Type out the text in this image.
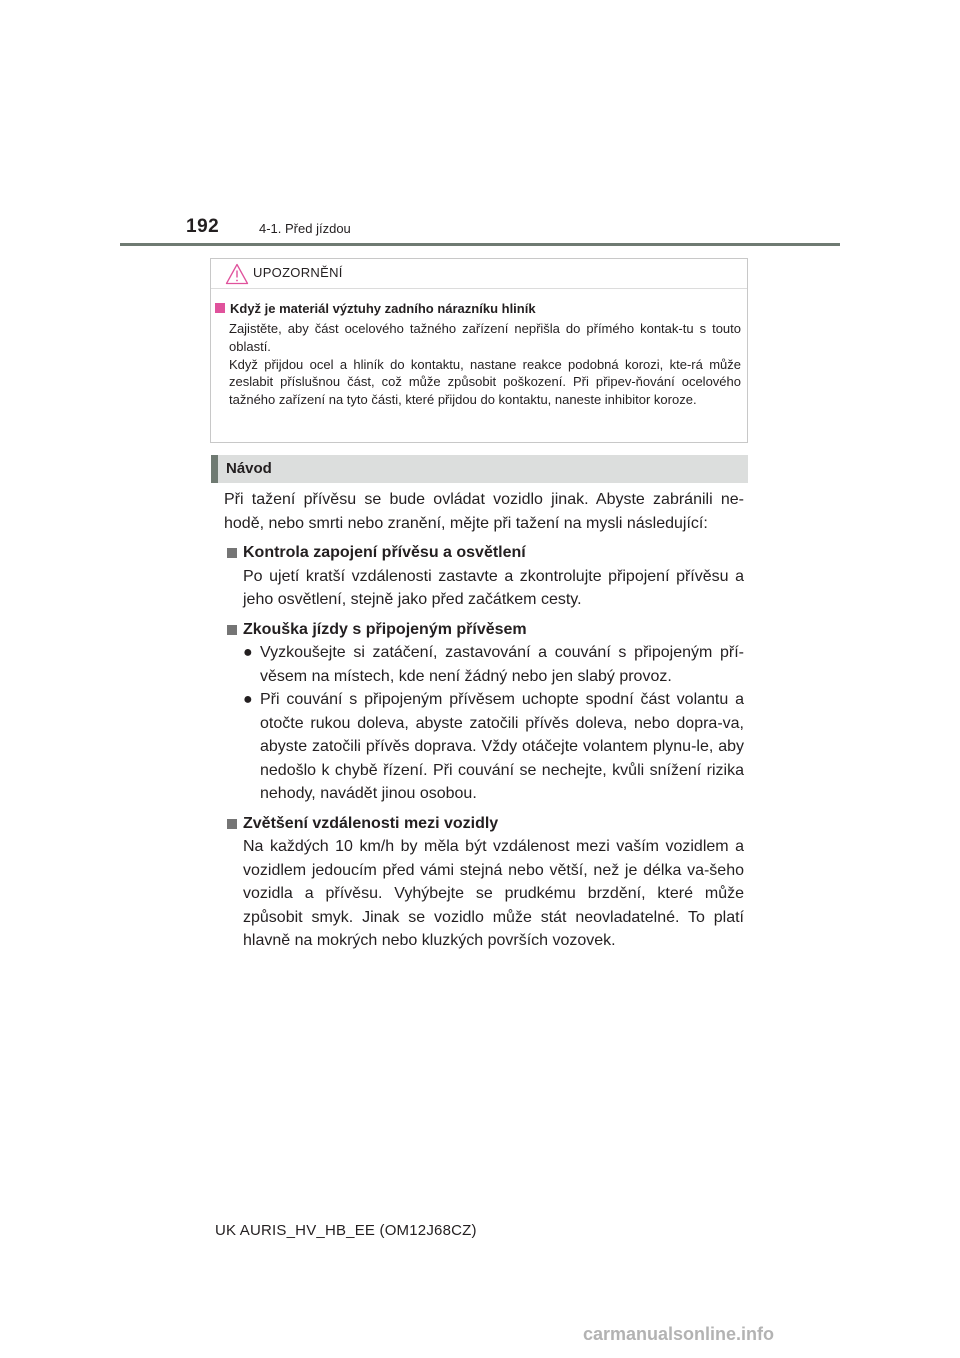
192	4-1. Před jízdou
UPOZORNĚNÍ
Když je materiál výztuhy zadního nárazníku hliník

Zajistěte, aby část ocelového tažného zařízení nepřišla do přímého kontak-tu s touto oblastí.

Když přijdou ocel a hliník do kontaktu, nastane reakce podobná korozi, kte-rá může zeslabit příslušnou část, což může způsobit poškození. Při připev-ňování ocelového tažného zařízení na tyto části, které přijdou do kontaktu, naneste inhibitor koroze.

Návod

Při tažení přívěsu se bude ovládat vozidlo jinak. Abyste zabránili ne-hodě, nebo smrti nebo zranění, mějte při tažení na mysli následující:

Kontrola zapojení přívěsu a osvětlení

Po ujetí kratší vzdálenosti zastavte a zkontrolujte připojení přívěsu a jeho osvětlení, stejně jako před začátkem cesty.

Zkouška jízdy s připojeným přívěsem

● Vyzkoušejte si zatáčení, zastavování a couvání s připojeným pří-věsem na místech, kde není žádný nebo jen slabý provoz.

● Při couvání s připojeným přívěsem uchopte spodní část volantu a otočte rukou doleva, abyste zatočili přívěs doleva, nebo dopra-va, abyste zatočili přívěs doprava. Vždy otáčejte volantem plynu-le, aby nedošlo k chybě řízení. Při couvání se nechejte, kvůli snížení rizika nehody, navádět jinou osobou.

Zvětšení vzdálenosti mezi vozidly

Na každých 10 km/h by měla být vzdálenost mezi vaším vozidlem a vozidlem jedoucím před vámi stejná nebo větší, než je délka va-šeho vozidla a přívěsu. Vyhýbejte se prudkému brzdění, které může způsobit smyk. Jinak se vozidlo může stát neovladatelné. To platí hlavně na mokrých nebo kluzkých površích vozovek.

UK AURIS_HV_HB_EE (OM12J68CZ)
carmanualsonline.info
